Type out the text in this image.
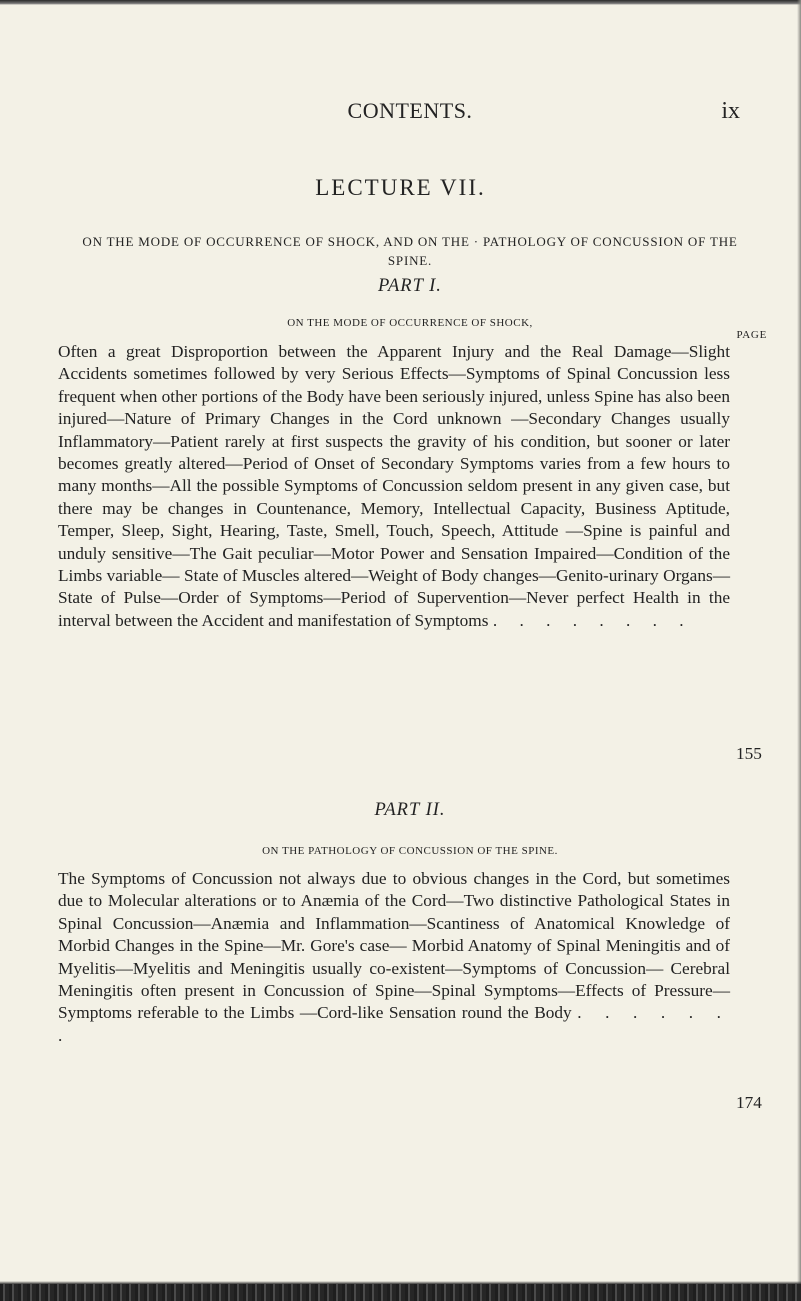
CONTENTS.	ix
LECTURE VII.
ON THE MODE OF OCCURRENCE OF SHOCK, AND ON THE · PATHOLOGY OF CONCUSSION OF THE SPINE.
PART I.
ON THE MODE OF OCCURRENCE OF SHOCK,
PAGE
Often a great Disproportion between the Apparent Injury and the Real Damage—Slight Accidents sometimes followed by very Serious Effects—Symptoms of Spinal Concussion less frequent when other portions of the Body have been seriously injured, unless Spine has also been injured—Nature of Primary Changes in the Cord unknown —Secondary Changes usually Inflammatory—Patient rarely at first suspects the gravity of his condition, but sooner or later becomes greatly altered—Period of Onset of Secondary Symptoms varies from a few hours to many months—All the possible Symptoms of Concussion seldom present in any given case, but there may be changes in Countenance, Memory, Intellectual Capacity, Business Aptitude, Temper, Sleep, Sight, Hearing, Taste, Smell, Touch, Speech, Attitude —Spine is painful and unduly sensitive—The Gait peculiar—Motor Power and Sensation Impaired—Condition of the Limbs variable— State of Muscles altered—Weight of Body changes—Genito-urinary Organs—State of Pulse—Order of Symptoms—Period of Supervention—Never perfect Health in the interval between the Accident and manifestation of Symptoms . . . . . . . .
155
PART II.
ON THE PATHOLOGY OF CONCUSSION OF THE SPINE.
The Symptoms of Concussion not always due to obvious changes in the Cord, but sometimes due to Molecular alterations or to Anæmia of the Cord—Two distinctive Pathological States in Spinal Concussion—Anæmia and Inflammation—Scantiness of Anatomical Knowledge of Morbid Changes in the Spine—Mr. Gore's case— Morbid Anatomy of Spinal Meningitis and of Myelitis—Myelitis and Meningitis usually co-existent—Symptoms of Concussion— Cerebral Meningitis often present in Concussion of Spine—Spinal Symptoms—Effects of Pressure—Symptoms referable to the Limbs —Cord-like Sensation round the Body . . . . . . .
174
